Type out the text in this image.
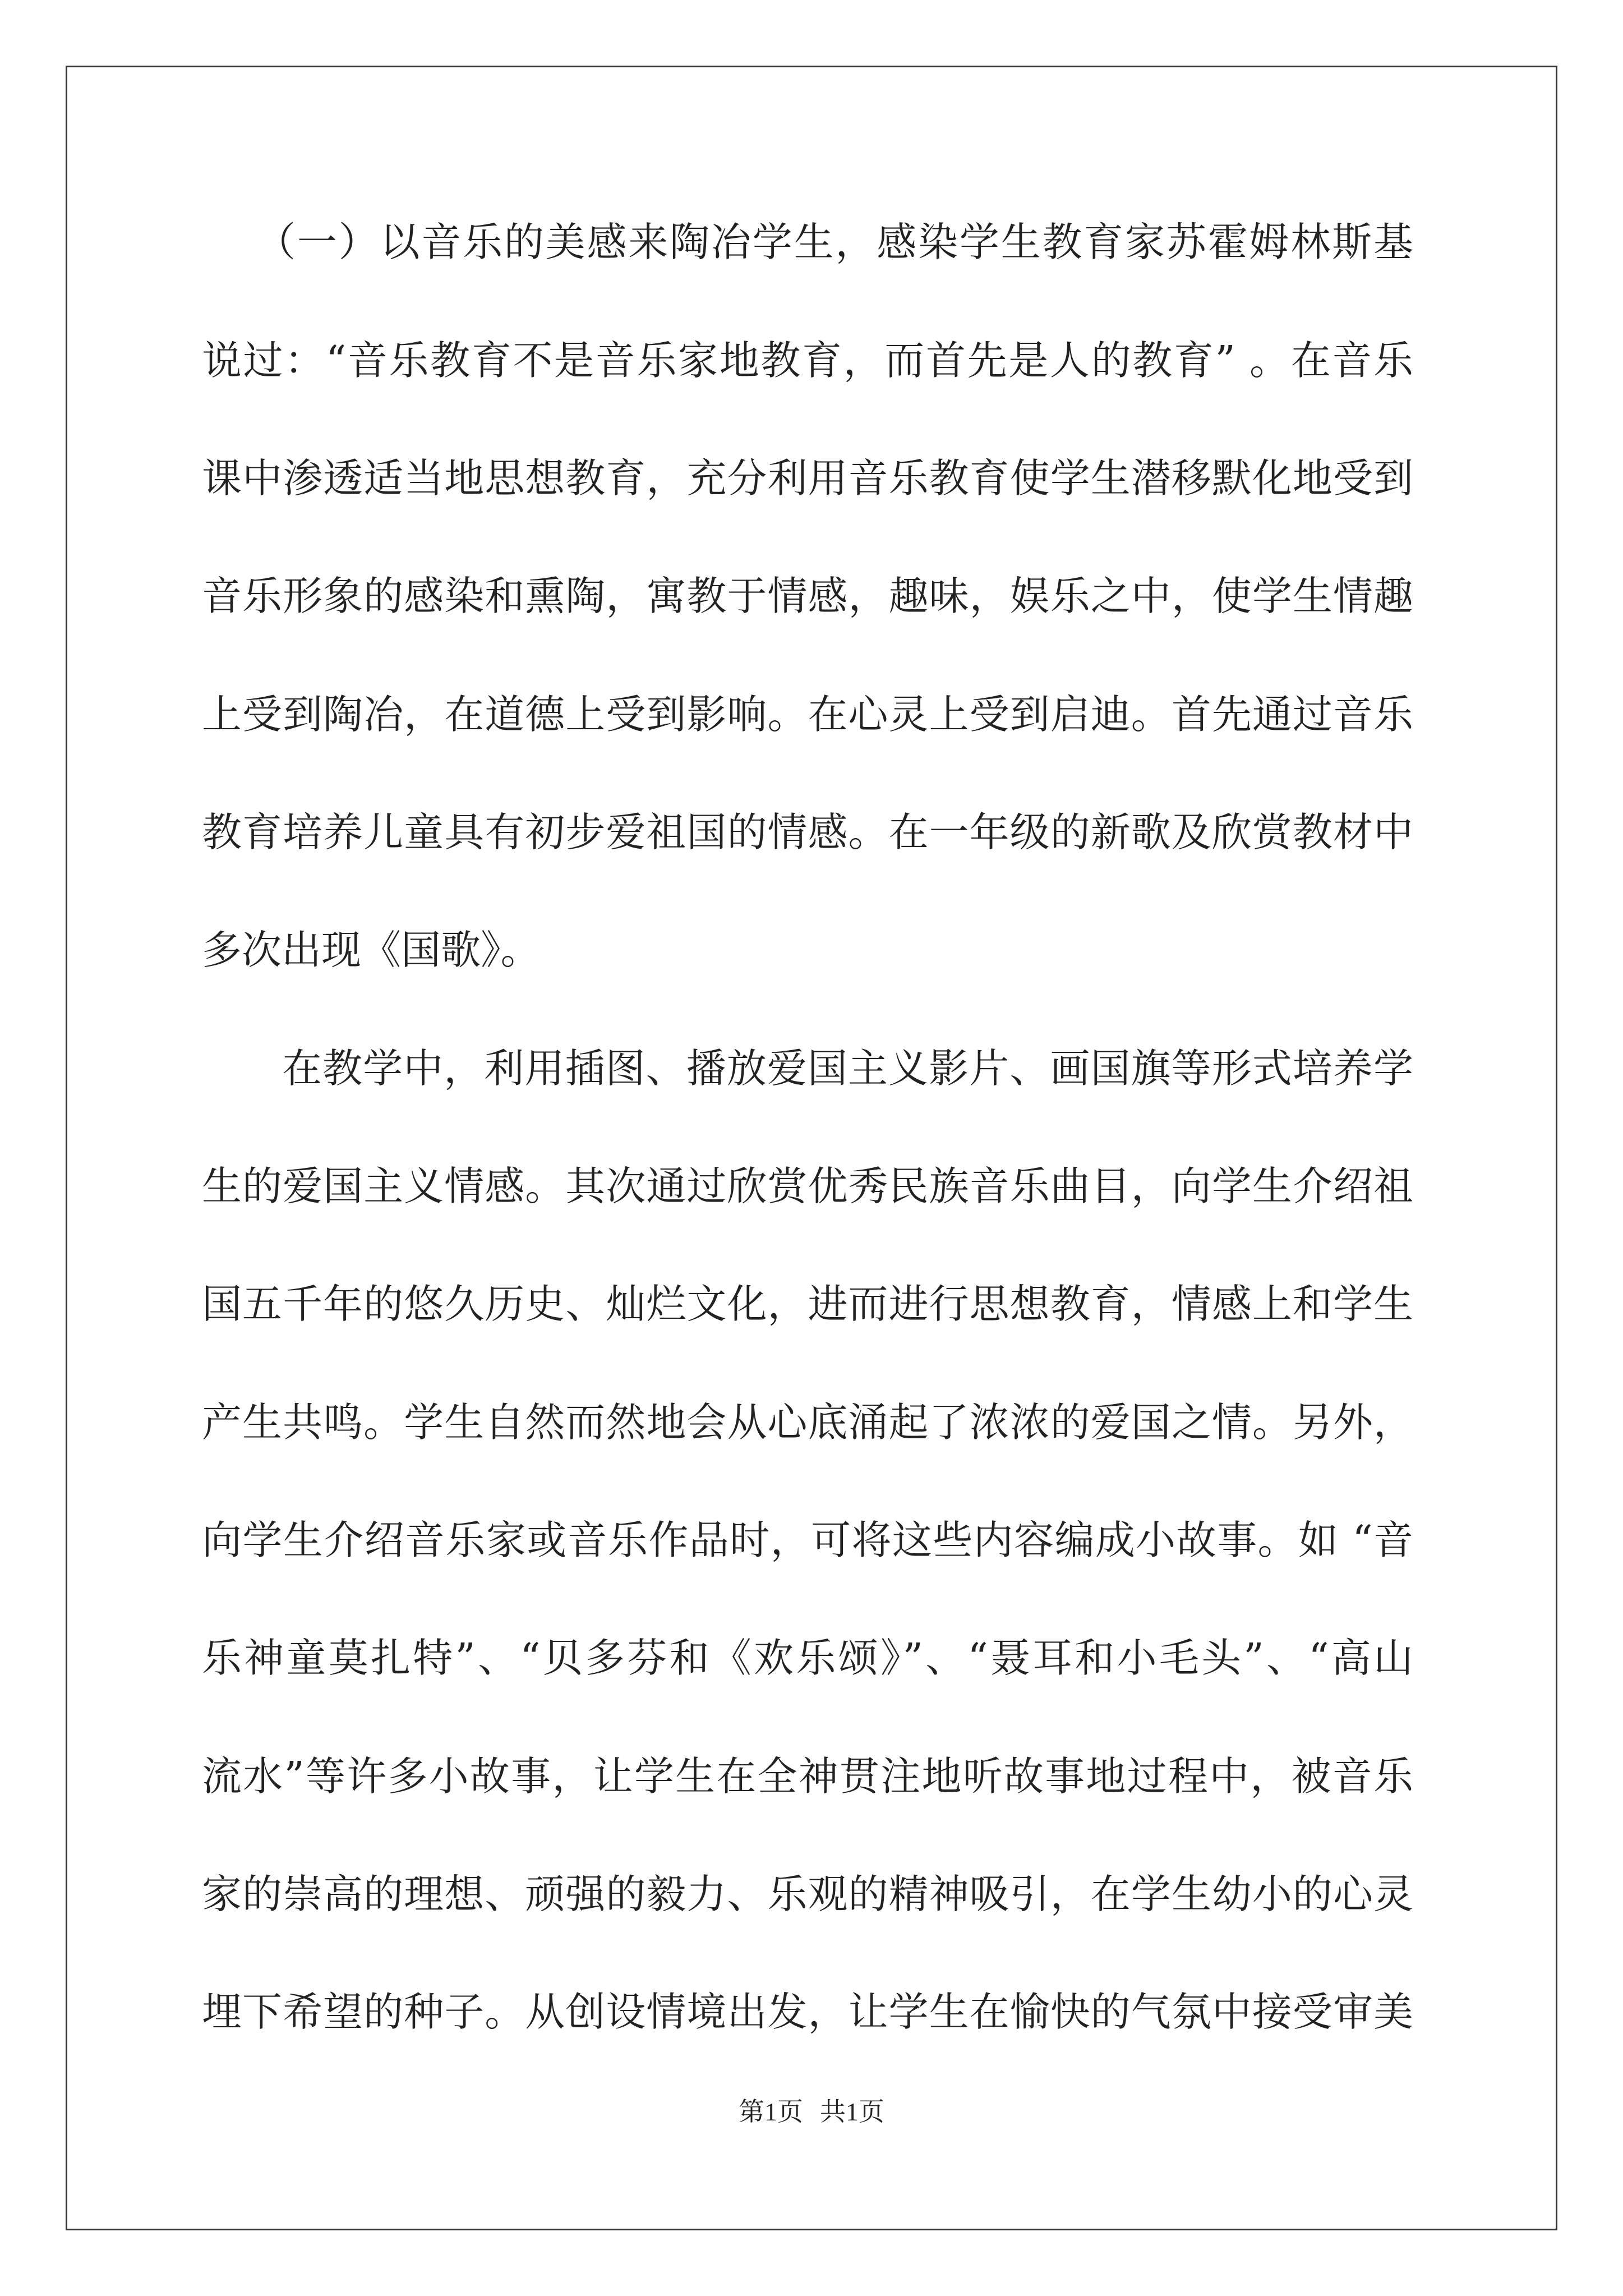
（一）以音乐的美感来陶冶学生，感染学生教育家苏霍姆林斯基
说过：“音乐教育不是音乐家地教育，而首先是人的教育” 。在音乐
课中渗透适当地思想教育，充分利用音乐教育使学生潜移默化地受到
音乐形象的感染和熏陶，寓教于情感，趣味，娱乐之中，使学生情趣
上受到陶冶，在道德上受到影响。在心灵上受到启迪。首先通过音乐
教育培养儿童具有初步爱祖国的情感。在一年级的新歌及欣赏教材中
多次出现《国歌》。
在教学中，利用插图、播放爱国主义影片、画国旗等形式培养学
生的爱国主义情感。其次通过欣赏优秀民族音乐曲目，向学生介绍祖
国五千年的悠久历史、灿烂文化，进而进行思想教育，情感上和学生
产生共鸣。学生自然而然地会从心底涌起了浓浓的爱国之情。另外，
向学生介绍音乐家或音乐作品时，可将这些内容编成小故事。如 “音
乐神童莫扎特”、“贝多芬和《欢乐颂》”、“聂耳和小毛头”、“高山
流水”等许多小故事，让学生在全神贯注地听故事地过程中，被音乐
家的崇高的理想、顽强的毅力、乐观的精神吸引，在学生幼小的心灵
埋下希望的种子。从创设情境出发，让学生在愉快的气氛中接受审美
第1页 共1页
